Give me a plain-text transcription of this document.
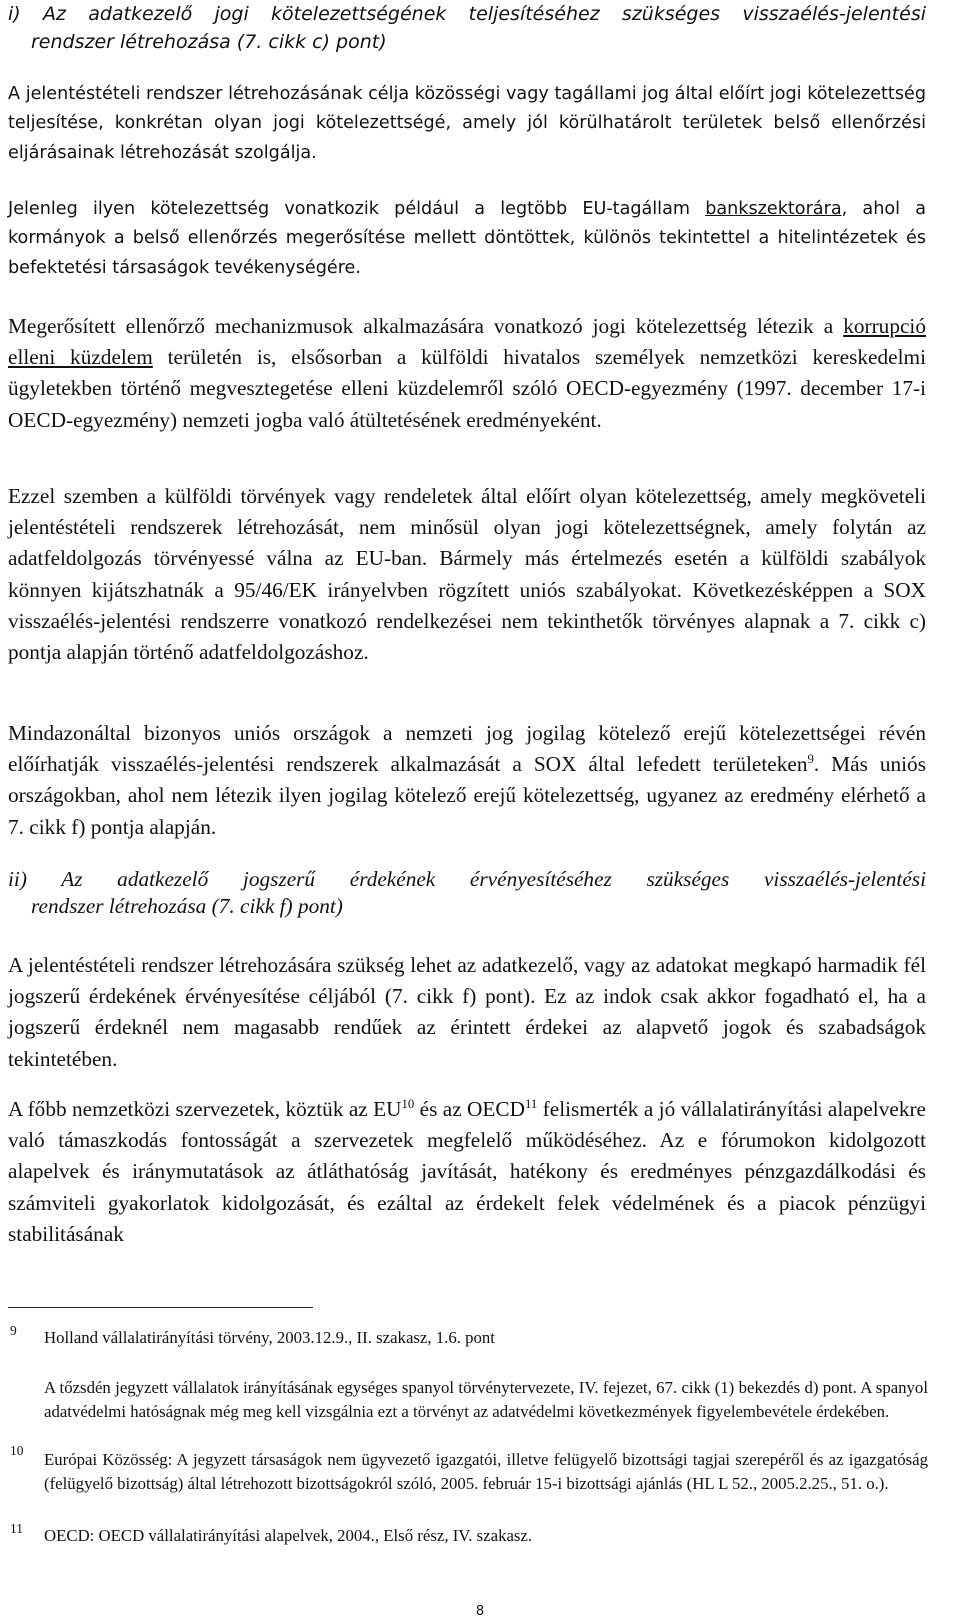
i) Az adatkezelő jogi kötelezettségének teljesítéséhez szükséges visszaélés-jelentési
rendszer létrehozása (7. cikk c) pont)

A jelentéstételi rendszer létrehozásának célja közösségi vagy tagállami jog által előírt jogi kötelezettség teljesítése, konkrétan olyan jogi kötelezettségé, amely jól körülhatárolt területek belső ellenőrzési eljárásainak létrehozását szolgálja.

Jelenleg ilyen kötelezettség vonatkozik például a legtöbb EU-tagállam bankszektorára, ahol a kormányok a belső ellenőrzés megerősítése mellett döntöttek, különös tekintettel a hitelintézetek és befektetési társaságok tevékenységére.

Megerősített ellenőrző mechanizmusok alkalmazására vonatkozó jogi kötelezettség létezik a korrupció elleni küzdelem területén is, elsősorban a külföldi hivatalos személyek nemzetközi kereskedelmi ügyletekben történő megvesztegetése elleni küzdelemről szóló OECD-egyezmény (1997. december 17-i OECD-egyezmény) nemzeti jogba való átültetésének eredményeként.

Ezzel szemben a külföldi törvények vagy rendeletek által előírt olyan kötelezettség, amely megköveteli jelentéstételi rendszerek létrehozását, nem minősül olyan jogi kötelezettségnek, amely folytán az adatfeldolgozás törvényessé válna az EU-ban. Bármely más értelmezés esetén a külföldi szabályok könnyen kijátszhatnák a 95/46/EK irányelvben rögzített uniós szabályokat. Következésképpen a SOX visszaélés-jelentési rendszerre vonatkozó rendelkezései nem tekinthetők törvényes alapnak a 7. cikk c) pontja alapján történő adatfeldolgozáshoz.

Mindazonáltal bizonyos uniós országok a nemzeti jog jogilag kötelező erejű kötelezettségei révén előírhatják visszaélés-jelentési rendszerek alkalmazását a SOX által lefedett területeken$^9$. Más uniós országokban, ahol nem létezik ilyen jogilag kötelező erejű kötelezettség, ugyanez az eredmény elérhető a 7. cikk f) pontja alapján.

ii) Az adatkezelő jogszerű érdekének érvényesítéséhez szükséges visszaélés-jelentési
rendszer létrehozása (7. cikk f) pont)

A jelentéstételi rendszer létrehozására szükség lehet az adatkezelő, vagy az adatokat megkapó harmadik fél jogszerű érdekének érvényesítése céljából (7. cikk f) pont). Ez az indok csak akkor fogadható el, ha a jogszerű érdeknél nem magasabb rendűek az érintett érdekei az alapvető jogok és szabadságok tekintetében.

A főbb nemzetközi szervezetek, köztük az EU$^{10}$ és az OECD$^{11}$ felismerték a jó vállalatirányítási alapelvekre való támaszkodás fontosságát a szervezetek megfelelő működéséhez. Az e fórumokon kidolgozott alapelvek és iránymutatások az átláthatóság javítását, hatékony és eredményes pénzgazdálkodási és számviteli gyakorlatok kidolgozását, és ezáltal az érdekelt felek védelmének és a piacok pénzügyi stabilitásának

9 Holland vállalatirányítási törvény, 2003.12.9., II. szakasz, 1.6. pont

A tőzsdén jegyzett vállalatok irányításának egységes spanyol törvénytervezete, IV. fejezet, 67. cikk (1) bekezdés d) pont. A spanyol adatvédelmi hatóságnak még meg kell vizsgálnia ezt a törvényt az adatvédelmi következmények figyelembevétele érdekében.

10 Európai Közösség: A jegyzett társaságok nem ügyvezető igazgatói, illetve felügyelő bizottsági tagjai szerepéről és az igazgatóság (felügyelő bizottság) által létrehozott bizottságokról szóló, 2005. február 15-i bizottsági ajánlás (HL L 52., 2005.2.25., 51. o.).

11 OECD: OECD vállalatirányítási alapelvek, 2004., Első rész, IV. szakasz.

8
